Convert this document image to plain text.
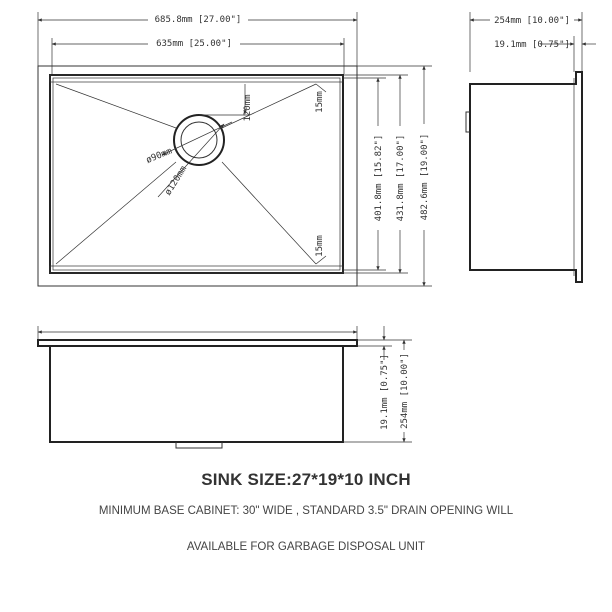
685.8mm [27.00"]
635mm [25.00"]
120mm
ø90mm
ø120mm
15mm
15mm
401.8mm [15.82"] 431.8mm [17.00"] 482.6mm [19.00"]
254mm [10.00"]
19.1mm [0.75"]
19.1mm [0.75"] 254mm [10.00"]
SINK SIZE:27*19*10 INCH
MINIMUM BASE CABINET: 30" WIDE , STANDARD 3.5" DRAIN OPENING WILL
AVAILABLE FOR GARBAGE DISPOSAL UNIT
